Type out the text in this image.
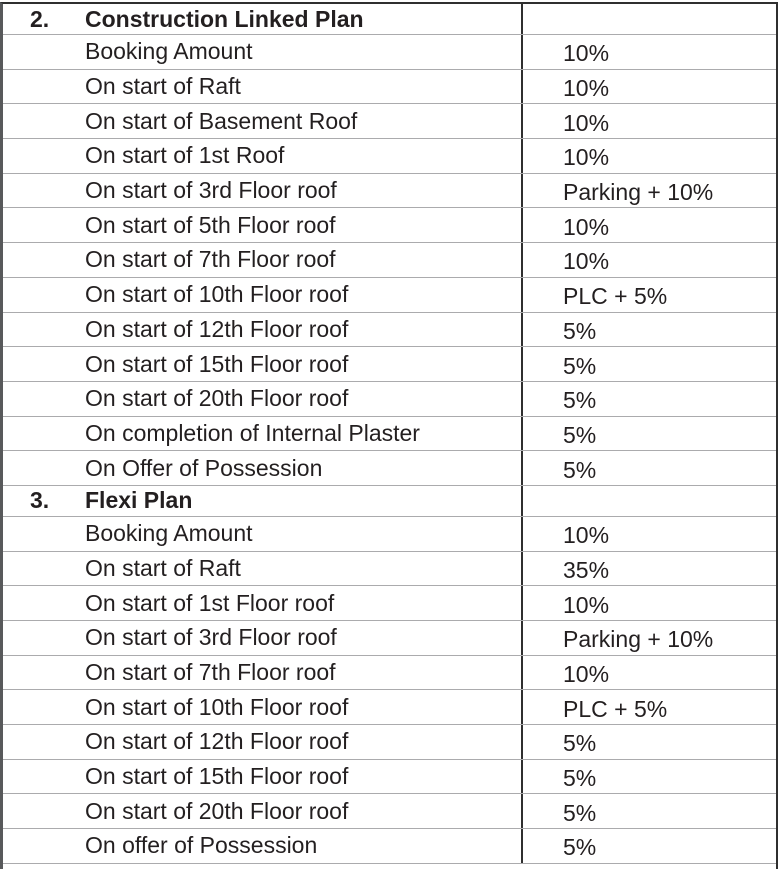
2.	Construction Linked Plan
Booking Amount	10%
On start of Raft	10%
On start of Basement Roof	10%
On start of 1st Roof	10%
On start of 3rd Floor roof	Parking + 10%
On start of 5th Floor roof	10%
On start of 7th Floor roof	10%
On start of 10th Floor roof	PLC + 5%
On start of 12th Floor roof	5%
On start of 15th Floor roof	5%
On start of 20th Floor roof	5%
On completion of Internal Plaster	5%
On Offer of Possession	5%
3.	Flexi Plan
Booking Amount	10%
On start of Raft	35%
On start of 1st Floor roof	10%
On start of 3rd Floor roof	Parking + 10%
On start of 7th Floor roof	10%
On start of 10th Floor roof	PLC + 5%
On start of 12th Floor roof	5%
On start of 15th Floor roof	5%
On start of 20th Floor roof	5%
On offer of Possession	5%
